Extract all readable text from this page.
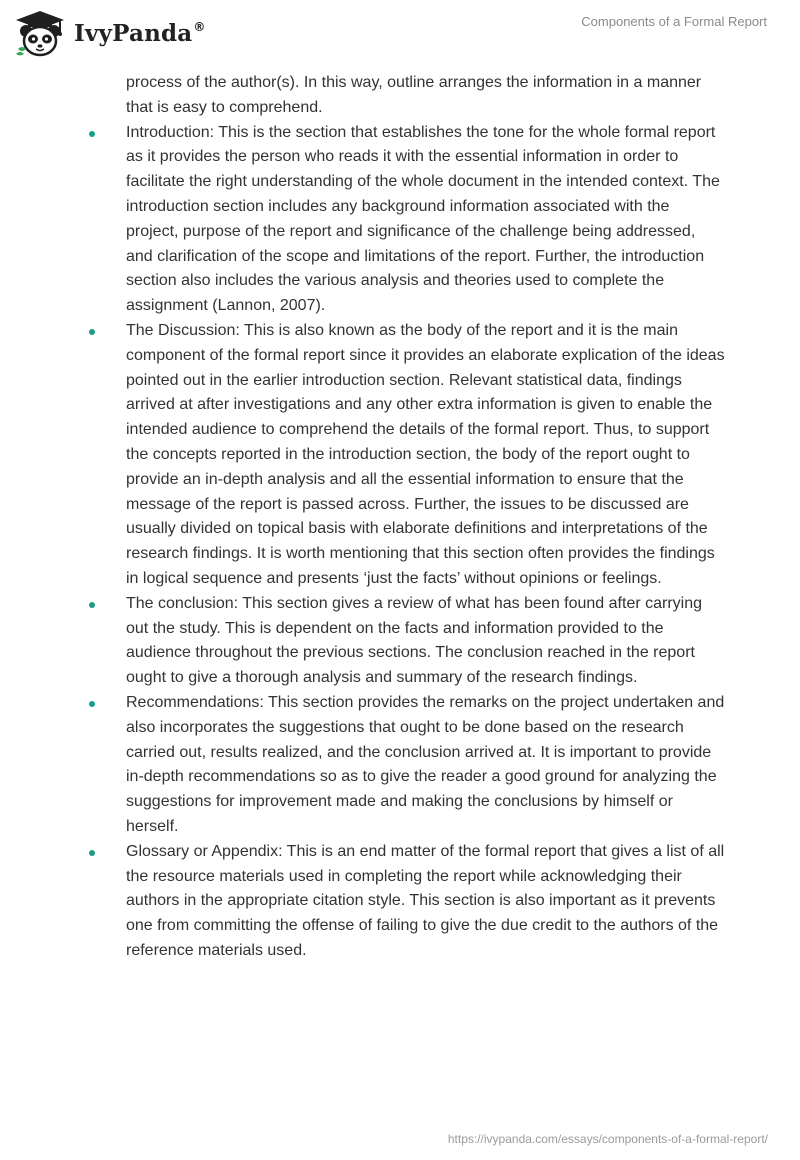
IvyPanda®	Components of a Formal Report
process of the author(s). In this way, outline arranges the information in a manner that is easy to comprehend.
Introduction: This is the section that establishes the tone for the whole formal report as it provides the person who reads it with the essential information in order to facilitate the right understanding of the whole document in the intended context. The introduction section includes any background information associated with the project, purpose of the report and significance of the challenge being addressed, and clarification of the scope and limitations of the report. Further, the introduction section also includes the various analysis and theories used to complete the assignment (Lannon, 2007).
The Discussion: This is also known as the body of the report and it is the main component of the formal report since it provides an elaborate explication of the ideas pointed out in the earlier introduction section. Relevant statistical data, findings arrived at after investigations and any other extra information is given to enable the intended audience to comprehend the details of the formal report. Thus, to support the concepts reported in the introduction section, the body of the report ought to provide an in-depth analysis and all the essential information to ensure that the message of the report is passed across. Further, the issues to be discussed are usually divided on topical basis with elaborate definitions and interpretations of the research findings. It is worth mentioning that this section often provides the findings in logical sequence and presents ‘just the facts’ without opinions or feelings.
The conclusion: This section gives a review of what has been found after carrying out the study. This is dependent on the facts and information provided to the audience throughout the previous sections. The conclusion reached in the report ought to give a thorough analysis and summary of the research findings.
Recommendations: This section provides the remarks on the project undertaken and also incorporates the suggestions that ought to be done based on the research carried out, results realized, and the conclusion arrived at. It is important to provide in-depth recommendations so as to give the reader a good ground for analyzing the suggestions for improvement made and making the conclusions by himself or herself.
Glossary or Appendix: This is an end matter of the formal report that gives a list of all the resource materials used in completing the report while acknowledging their authors in the appropriate citation style. This section is also important as it prevents one from committing the offense of failing to give the due credit to the authors of the reference materials used.
https://ivypanda.com/essays/components-of-a-formal-report/
